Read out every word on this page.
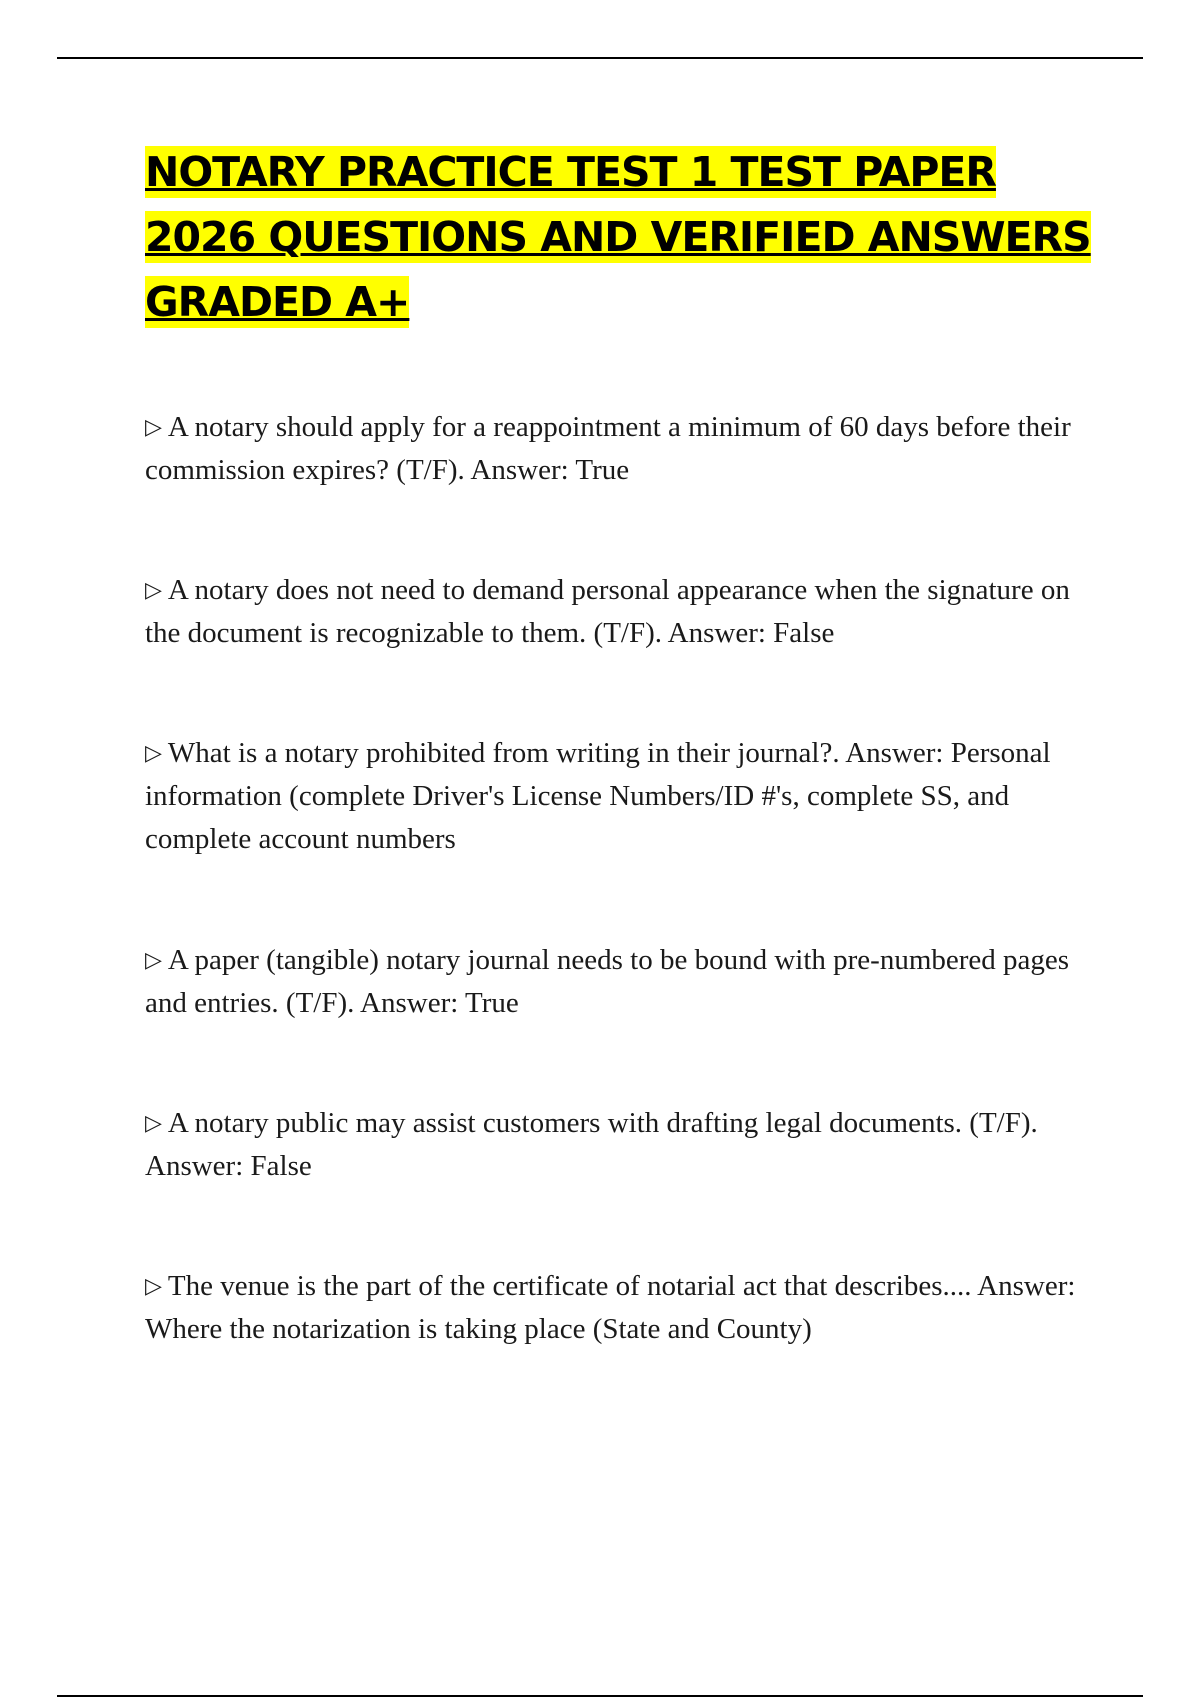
NOTARY PRACTICE TEST 1 TEST PAPER
2026 QUESTIONS AND VERIFIED ANSWERS
GRADED A+
▷ A notary should apply for a reappointment a minimum of 60 days before their commission expires? (T/F). Answer: True
▷ A notary does not need to demand personal appearance when the signature on the document is recognizable to them. (T/F). Answer: False
▷ What is a notary prohibited from writing in their journal?. Answer: Personal information (complete Driver's License Numbers/ID #'s, complete SS, and complete account numbers
▷ A paper (tangible) notary journal needs to be bound with pre-numbered pages and entries. (T/F). Answer: True
▷ A notary public may assist customers with drafting legal documents. (T/F). Answer: False
▷ The venue is the part of the certificate of notarial act that describes.... Answer: Where the notarization is taking place (State and County)
